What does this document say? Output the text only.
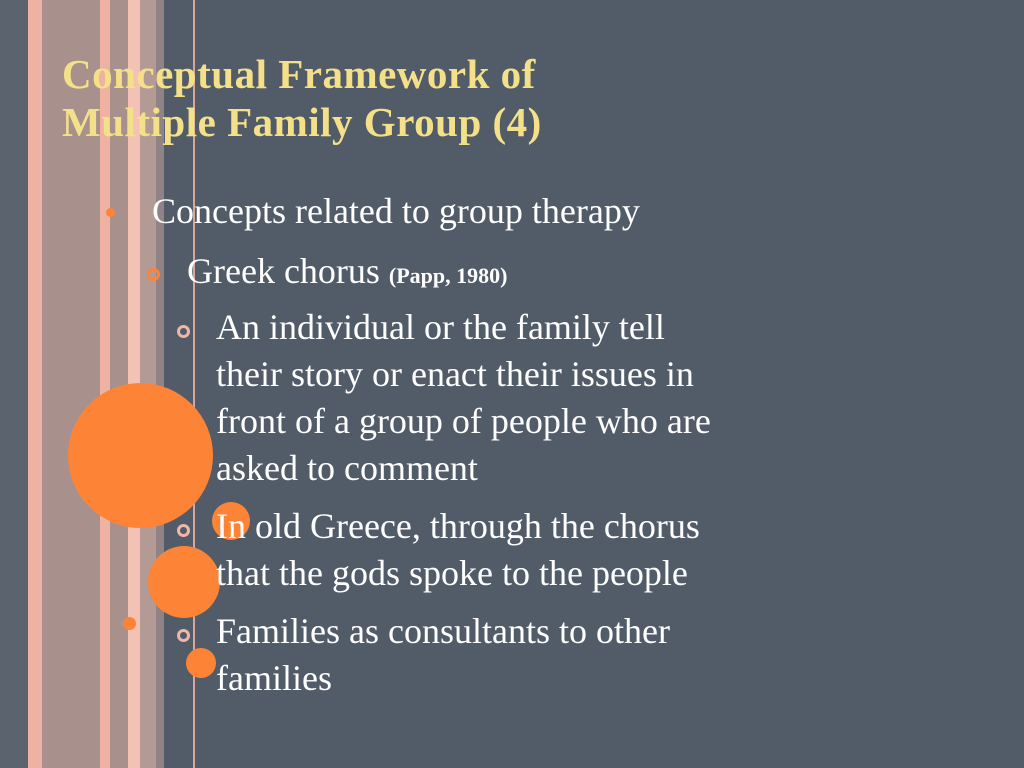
Conceptual Framework of
Multiple Family Group (4)
Concepts related to group therapy
Greek chorus (Papp, 1980)
An individual or the family tell
their story or enact their issues in
front of a group of people who are
asked to comment
In old Greece, through the chorus
that the gods spoke to the people
Families as consultants to other
families
